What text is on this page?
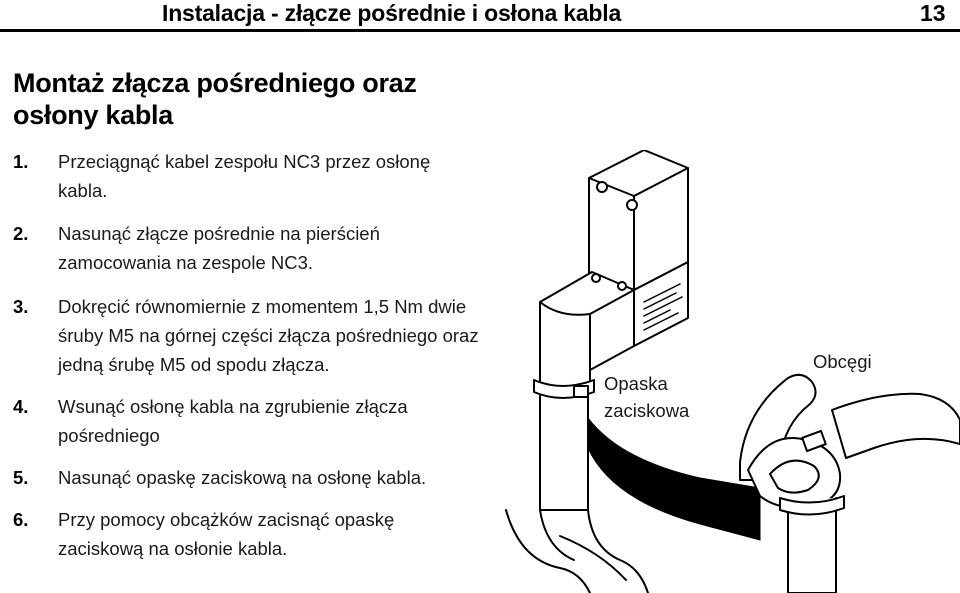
Instalacja - złącze pośrednie i osłona kabla	13
Montaż złącza pośredniego oraz osłony kabla
1. Przeciągnąć kabel zespołu NC3 przez osłonę kabla.
2. Nasunąć złącze pośrednie na pierścień zamocowania na zespole NC3.
3. Dokręcić równomiernie z momentem 1,5 Nm dwie śruby M5 na górnej części złącza pośredniego oraz jedną śrubę M5 od spodu złącza.
4. Wsunąć osłonę kabla na zgrubienie złącza pośredniego
5. Nasunąć opaskę zaciskową na osłonę kabla.
6. Przy pomocy obcążków zacisnąć opaskę zaciskową na osłonie kabla.
Opaska
zaciskowa
Obcęgi
